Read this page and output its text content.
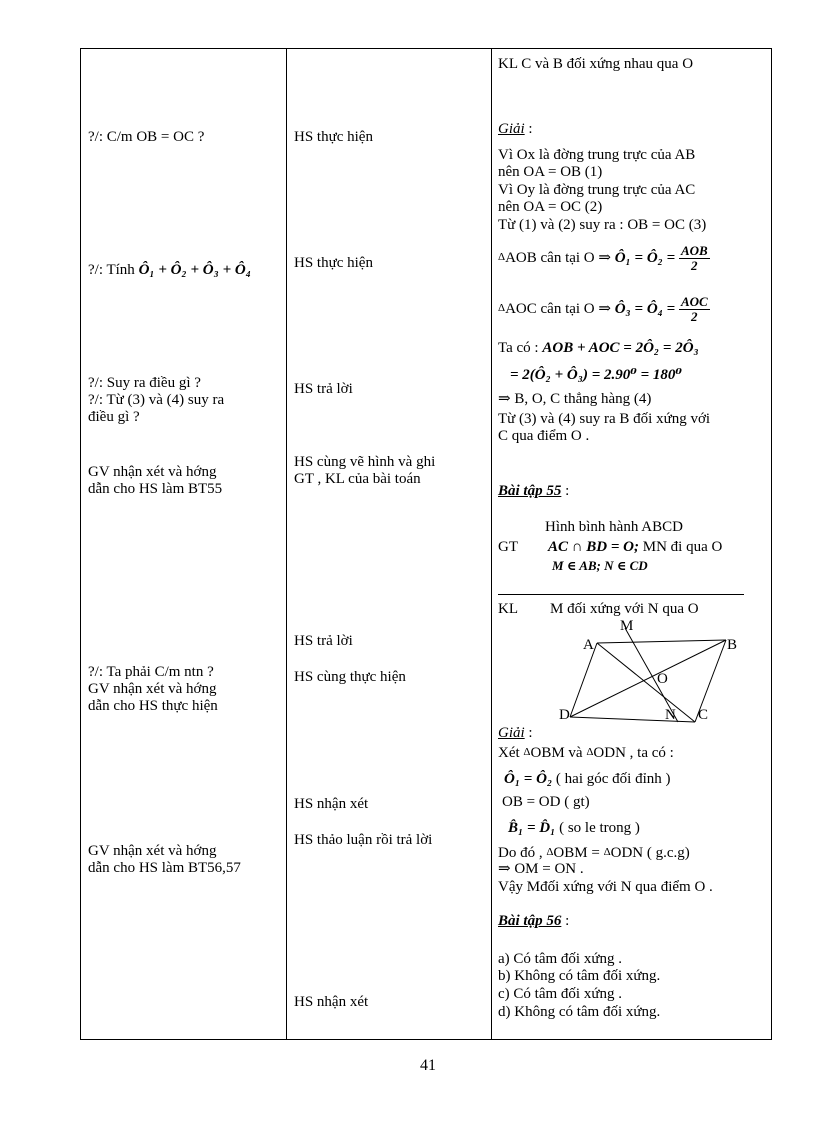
?/: C/m OB = OC ?
?/: Tính Ô₁ + Ô₂ + Ô₃ + Ô₄
?/: Suy ra điều gì ?
?/: Từ (3) và (4) suy ra
điều gì ?
GV nhận xét và hớng
dẫn cho HS làm BT55
?/: Ta phải C/m ntn ?
GV nhận xét và hớng
dẫn cho HS thực hiện
GV nhận xét và hớng
dẫn cho HS làm BT56,57
HS thực hiện
HS thực hiện
HS trả lời
HS cùng vẽ hình và ghi
GT , KL của bài toán
HS trả lời
HS cùng thực hiện
HS nhận xét
HS thảo luận rồi trả lời
HS nhận xét
KL C và B đối xứng nhau qua O
Giải :
Vì Ox là đờng trung trực của AB
nên OA = OB (1)
Vì Oy là đờng trung trực của AC
nên OA = OC (2)
Từ (1) và (2) suy ra : OB = OC (3)
ΔAOB cân tại O ⇒ Ô₁ = Ô₂ = $\frac{\text{AOB}}{2}$
ΔAOC cân tại O ⇒ Ô₃ = Ô₄ = $\frac{\text{AOC}}{2}$
Ta có : AOB + AOC = 2Ô₂ = 2Ô₃
= 2(Ô₂ + Ô₃) = 2.90⁰ = 180⁰
⇒ B, O, C thẳng hàng (4)
Từ (3) và (4) suy ra B đối xứng với
C qua điểm O .
Bài tập 55 :
Hình bình hành ABCD
GT AC ∩ BD = O; MN đi qua O
M ∈ AB; N ∈ CD
KL M đối xứng với N qua O
M
A	B
O
D	N C
Giải :
Xét ΔOBM và ΔODN , ta có :
Ô₁ = Ô₂ ( hai góc đối đỉnh )
OB = OD ( gt)
B̂₁ = D̂₁ ( so le trong )
Do đó , ΔOBM = ΔODN ( g.c.g)
⇒ OM = ON .
Vậy Mđối xứng với N qua điểm O .
Bài tập 56 :
a) Có tâm đối xứng .
b) Không có tâm đối xứng.
c) Có tâm đối xứng .
d) Không có tâm đối xứng.
41
